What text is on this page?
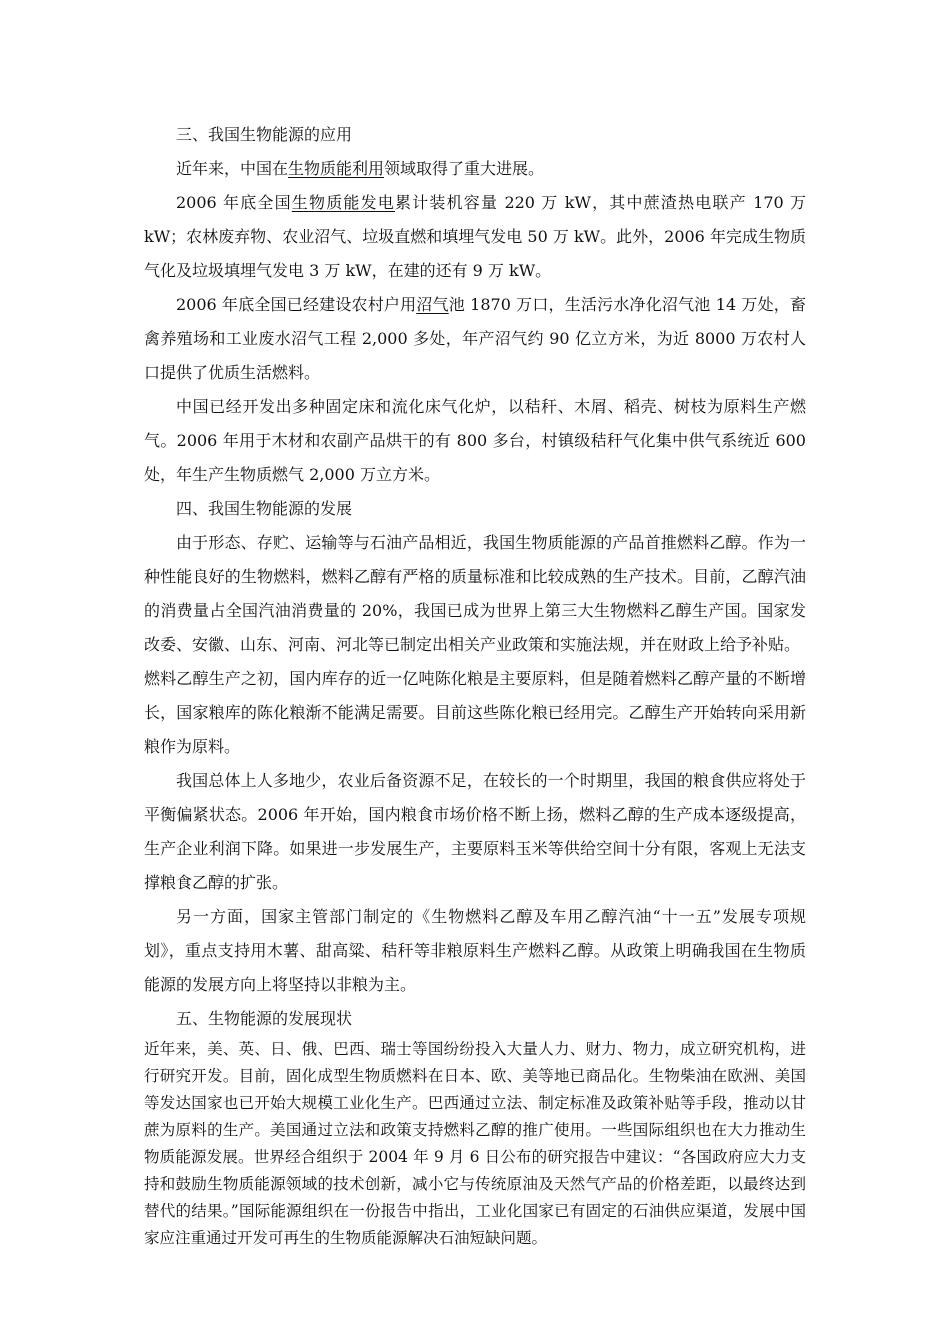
三、我国生物能源的应用

近年来，中国在生物质能利用领域取得了重大进展。

2006 年底全国生物质能发电累计装机容量 220 万 kW，其中蔗渣热电联产 170 万 kW；农林废弃物、农业沼气、垃圾直燃和填埋气发电 50 万 kW。此外，2006 年完成生物质气化及垃圾填埋气发电 3 万 kW，在建的还有 9 万 kW。

2006 年底全国已经建设农村户用沼气池 1870 万口，生活污水净化沼气池 14 万处，畜禽养殖场和工业废水沼气工程 2,000 多处，年产沼气约 90 亿立方米，为近 8000 万农村人口提供了优质生活燃料。

中国已经开发出多种固定床和流化床气化炉，以秸秆、木屑、稻壳、树枝为原料生产燃气。2006 年用于木材和农副产品烘干的有 800 多台，村镇级秸秆气化集中供气系统近 600 处，年生产生物质燃气 2,000 万立方米。

四、我国生物能源的发展

由于形态、存贮、运输等与石油产品相近，我国生物质能源的产品首推燃料乙醇。作为一种性能良好的生物燃料，燃料乙醇有严格的质量标准和比较成熟的生产技术。目前，乙醇汽油的消费量占全国汽油消费量的 20%，我国已成为世界上第三大生物燃料乙醇生产国。国家发改委、安徽、山东、河南、河北等已制定出相关产业政策和实施法规，并在财政上给予补贴。

燃料乙醇生产之初，国内库存的近一亿吨陈化粮是主要原料，但是随着燃料乙醇产量的不断增长，国家粮库的陈化粮渐不能满足需要。目前这些陈化粮已经用完。乙醇生产开始转向采用新粮作为原料。

我国总体上人多地少，农业后备资源不足，在较长的一个时期里，我国的粮食供应将处于平衡偏紧状态。2006 年开始，国内粮食市场价格不断上扬，燃料乙醇的生产成本逐级提高，生产企业利润下降。如果进一步发展生产，主要原料玉米等供给空间十分有限，客观上无法支撑粮食乙醇的扩张。

另一方面，国家主管部门制定的《生物燃料乙醇及车用乙醇汽油“十一五”发展专项规划》，重点支持用木薯、甜高粱、秸秆等非粮原料生产燃料乙醇。从政策上明确我国在生物质能源的发展方向上将坚持以非粮为主。

五、生物能源的发展现状

近年来，美、英、日、俄、巴西、瑞士等国纷纷投入大量人力、财力、物力，成立研究机构，进行研究开发。目前，固化成型生物质燃料在日本、欧、美等地已商品化。生物柴油在欧洲、美国等发达国家也已开始大规模工业化生产。巴西通过立法、制定标准及政策补贴等手段，推动以甘蔗为原料的生产。美国通过立法和政策支持燃料乙醇的推广使用。一些国际组织也在大力推动生物质能源发展。世界经合组织于 2004 年 9 月 6 日公布的研究报告中建议：“各国政府应大力支持和鼓励生物质能源领域的技术创新，减小它与传统原油及天然气产品的价格差距，以最终达到替代的结果。”国际能源组织在一份报告中指出，工业化国家已有固定的石油供应渠道，发展中国家应注重通过开发可再生的生物质能源解决石油短缺问题。
